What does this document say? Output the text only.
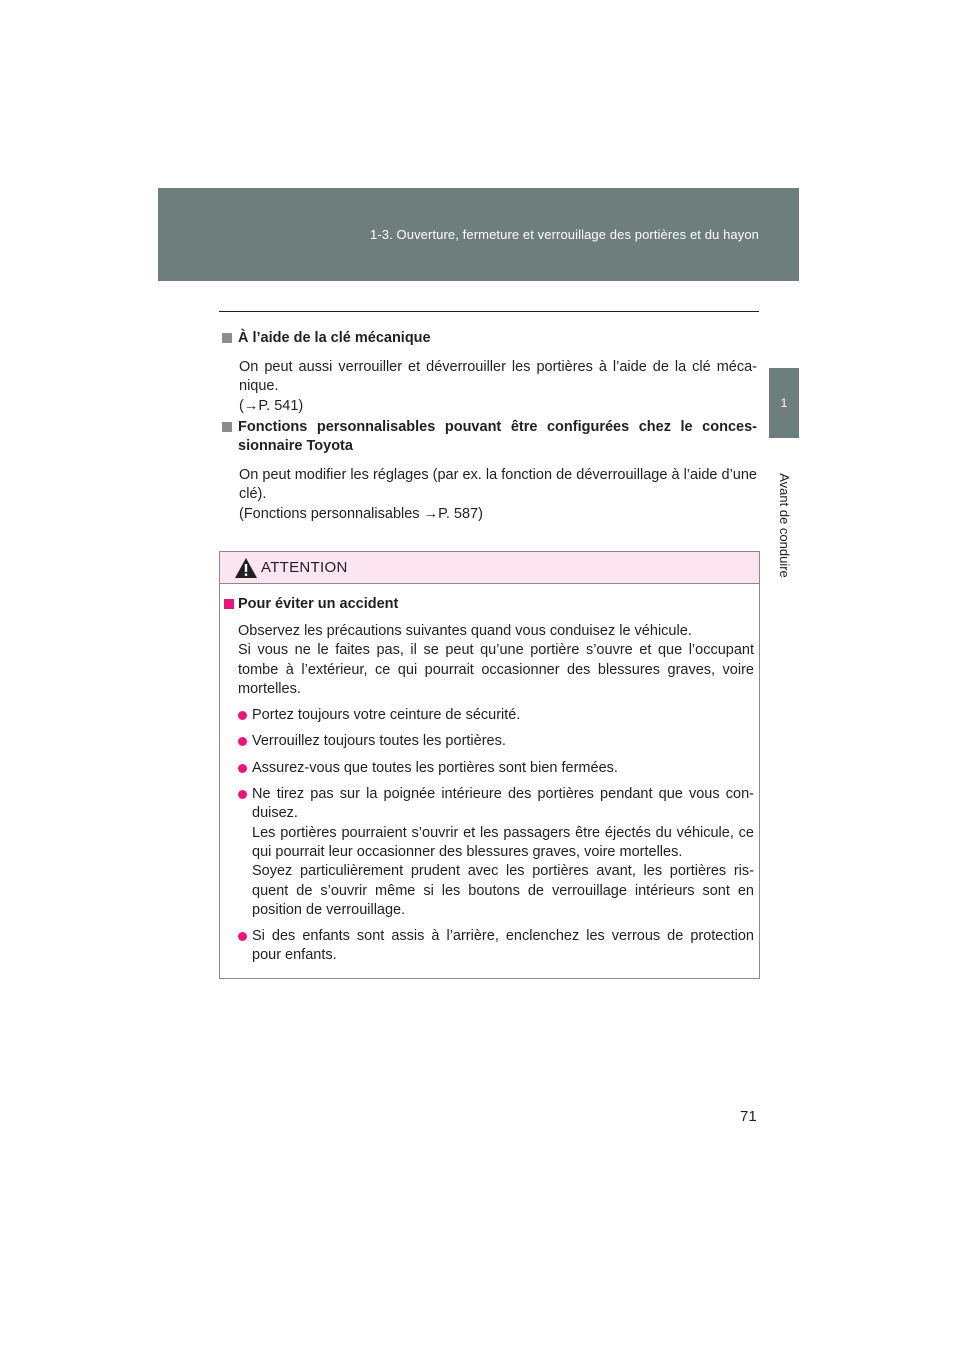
1-3. Ouverture, fermeture et verrouillage des portières et du hayon
1
Avant de conduire
À l’aide de la clé mécanique
On peut aussi verrouiller et déverrouiller les portières à l’aide de la clé méca-nique.
(→P. 541)
Fonctions personnalisables pouvant être configurées chez le conces-sionnaire Toyota
On peut modifier les réglages (par ex. la fonction de déverrouillage à l’aide d’une clé).
(Fonctions personnalisables →P. 587)
ATTENTION
Pour éviter un accident
Observez les précautions suivantes quand vous conduisez le véhicule.
Si vous ne le faites pas, il se peut qu’une portière s’ouvre et que l’occupant tombe à l’extérieur, ce qui pourrait occasionner des blessures graves, voire mortelles.
Portez toujours votre ceinture de sécurité.
Verrouillez toujours toutes les portières.
Assurez-vous que toutes les portières sont bien fermées.
Ne tirez pas sur la poignée intérieure des portières pendant que vous con-duisez.
Les portières pourraient s’ouvrir et les passagers être éjectés du véhicule, ce qui pourrait leur occasionner des blessures graves, voire mortelles.
Soyez particulièrement prudent avec les portières avant, les portières ris-quent de s’ouvrir même si les boutons de verrouillage intérieurs sont en position de verrouillage.
Si des enfants sont assis à l’arrière, enclenchez les verrous de protection pour enfants.
71
